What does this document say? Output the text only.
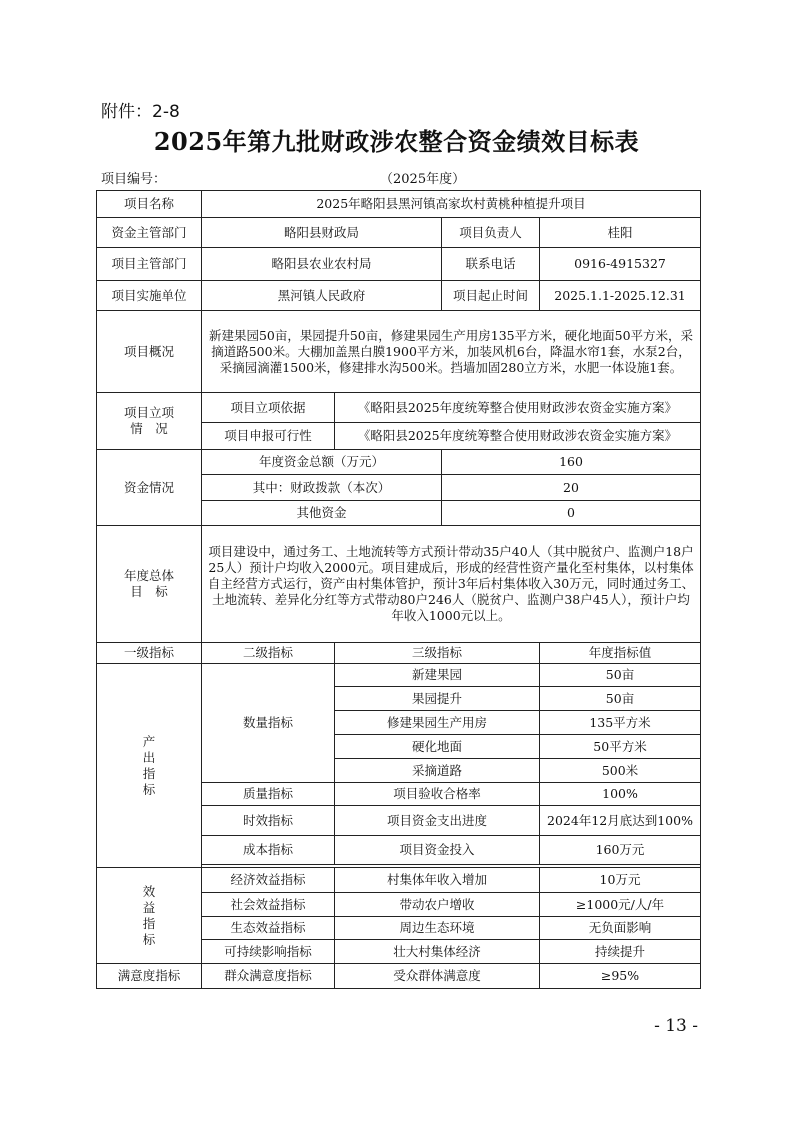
附件：2-8
2025年第九批财政涉农整合资金绩效目标表
项目编号：	（2025年度）
项目名称	2025年略阳县黑河镇高家坎村黄桃种植提升项目			
资金主管部门	略阳县财政局		项目负责人	桂阳
项目主管部门	略阳县农业农村局		联系电话	0916-4915327
项目实施单位	黑河镇人民政府		项目起止时间	2025.1.1-2025.12.31
项目概况	新建果园50亩，果园提升50亩，修建果园生产用房135平方米，硬化地面50平方米，采摘道路500米。大棚加盖黑白膜1900平方米，加装风机6台，降温水帘1套，水泵2台，采摘园滴灌1500米，修建排水沟500米。挡墙加固280立方米，水肥一体设施1套。			

项目立项
情　况	项目立项依据	《略阳县2025年度统筹整合使用财政涉农资金实施方案》		
	项目申报可行性	《略阳县2025年度统筹整合使用财政涉农资金实施方案》		
资金情况	年度资金总额（万元）		160	
	其中：财政拨款（本次）		20	
	其他资金		0	

年度总体
目　标	项目建设中，通过务工、土地流转等方式预计带动35户40人（其中脱贫户、监测户18户25人）预计户均收入2000元。项目建成后，形成的经营性资产量化至村集体，以村集体自主经营方式运行，资产由村集体管护，预计3年后村集体收入30万元，同时通过务工、土地流转、差异化分红等方式带动80户246人（脱贫户、监测户38户45人），预计户均年收入1000元以上。			
一级指标	二级指标	三级指标		年度指标值

产
出
指
标	数量指标	新建果园		50亩
		果园提升		50亩
		修建果园生产用房		135平方米
		硬化地面		50平方米
		采摘道路		500米
	质量指标	项目验收合格率		100%
	时效指标	项目资金支出进度		2024年12月底达到100%
	成本指标	项目资金投入		160万元

效
益
指
标	经济效益指标	村集体年收入增加		10万元
	社会效益指标	带动农户增收		≥1000元/人/年
	生态效益指标	周边生态环境		无负面影响
	可持续影响指标	壮大村集体经济		持续提升
满意度指标	群众满意度指标	受众群体满意度		≥95%
- 13 -
